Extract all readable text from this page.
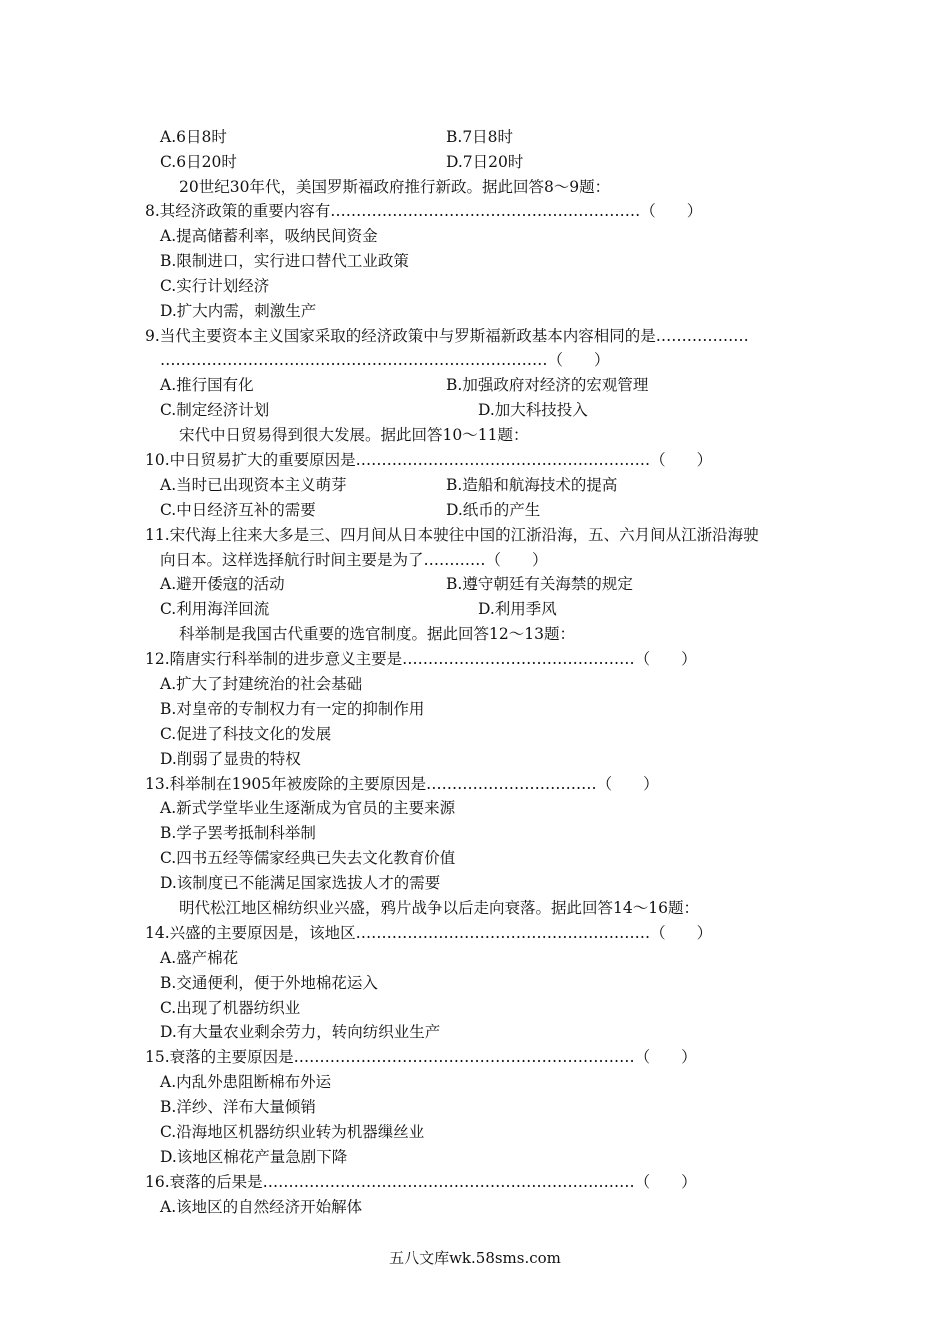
A.6日8时	B.7日8时
C.6日20时	D.7日20时
20世纪30年代，美国罗斯福政府推行新政。据此回答8～9题：
8.其经济政策的重要内容有……………………………………………………（　　）
A.提高储蓄利率，吸纳民间资金
B.限制进口，实行进口替代工业政策
C.实行计划经济
D.扩大内需，刺激生产
9.当代主要资本主义国家采取的经济政策中与罗斯福新政基本内容相同的是………………
…………………………………………………………………（　　）
A.推行国有化	B.加强政府对经济的宏观管理
C.制定经济计划	D.加大科技投入
宋代中日贸易得到很大发展。据此回答10～11题：
10.中日贸易扩大的重要原因是…………………………………………………（　　）
A.当时已出现资本主义萌芽	B.造船和航海技术的提高
C.中日经济互补的需要	D.纸币的产生
11.宋代海上往来大多是三、四月间从日本驶往中国的江浙沿海，五、六月间从江浙沿海驶
向日本。这样选择航行时间主要是为了…………（　　）
A.避开倭寇的活动	B.遵守朝廷有关海禁的规定
C.利用海洋回流	D.利用季风
科举制是我国古代重要的选官制度。据此回答12～13题：
12.隋唐实行科举制的进步意义主要是………………………………………（　　）
A.扩大了封建统治的社会基础
B.对皇帝的专制权力有一定的抑制作用
C.促进了科技文化的发展
D.削弱了显贵的特权
13.科举制在1905年被废除的主要原因是……………………………（　　）
A.新式学堂毕业生逐渐成为官员的主要来源
B.学子罢考抵制科举制
C.四书五经等儒家经典已失去文化教育价值
D.该制度已不能满足国家选拔人才的需要
明代松江地区棉纺织业兴盛，鸦片战争以后走向衰落。据此回答14～16题：
14.兴盛的主要原因是，该地区…………………………………………………（　　）
A.盛产棉花
B.交通便利，便于外地棉花运入
C.出现了机器纺织业
D.有大量农业剩余劳力，转向纺织业生产
15.衰落的主要原因是…………………………………………………………（　　）
A.内乱外患阻断棉布外运
B.洋纱、洋布大量倾销
C.沿海地区机器纺织业转为机器缫丝业
D.该地区棉花产量急剧下降
16.衰落的后果是………………………………………………………………（　　）
A.该地区的自然经济开始解体
五八文库wk.58sms.com
